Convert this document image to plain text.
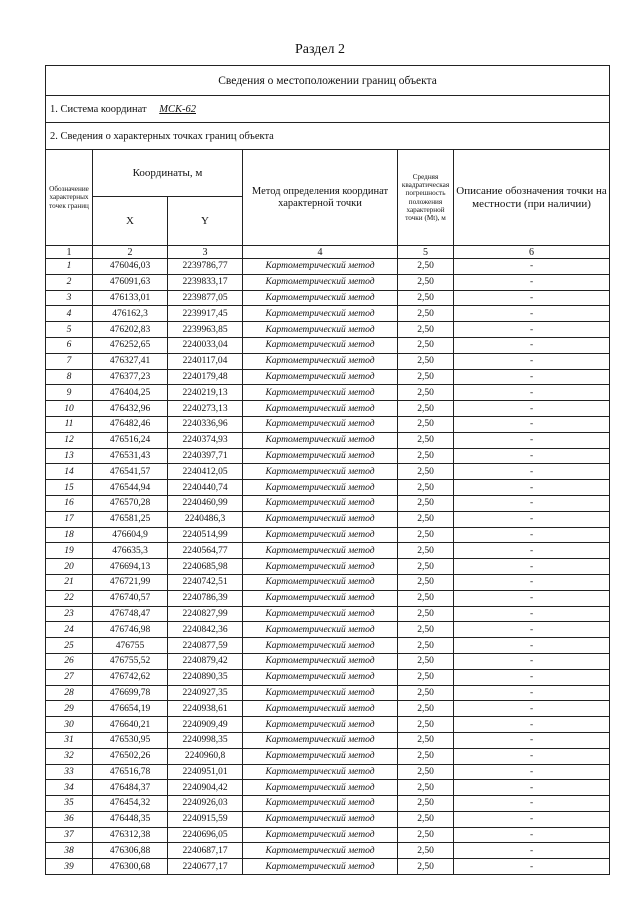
Раздел 2
Сведения о местоположении границ объекта					
1. Система координат МСК-62					
2. Сведения о характерных точках границ объекта					
Обозначение характерных точек границ	Координаты, м		Метод определения координат характерной точки	Средняя квадратическая погрешность положения характерной точки (Mt), м	Описание обозначения точки на местности (при наличии)
	X	Y			
1	2	3	4	5	6
1	476046,03	2239786,77	Картометрический метод	2,50	-
2	476091,63	2239833,17	Картометрический метод	2,50	-
3	476133,01	2239877,05	Картометрический метод	2,50	-
4	476162,3	2239917,45	Картометрический метод	2,50	-
5	476202,83	2239963,85	Картометрический метод	2,50	-
6	476252,65	2240033,04	Картометрический метод	2,50	-
7	476327,41	2240117,04	Картометрический метод	2,50	-
8	476377,23	2240179,48	Картометрический метод	2,50	-
9	476404,25	2240219,13	Картометрический метод	2,50	-
10	476432,96	2240273,13	Картометрический метод	2,50	-
11	476482,46	2240336,96	Картометрический метод	2,50	-
12	476516,24	2240374,93	Картометрический метод	2,50	-
13	476531,43	2240397,71	Картометрический метод	2,50	-
14	476541,57	2240412,05	Картометрический метод	2,50	-
15	476544,94	2240440,74	Картометрический метод	2,50	-
16	476570,28	2240460,99	Картометрический метод	2,50	-
17	476581,25	2240486,3	Картометрический метод	2,50	-
18	476604,9	2240514,99	Картометрический метод	2,50	-
19	476635,3	2240564,77	Картометрический метод	2,50	-
20	476694,13	2240685,98	Картометрический метод	2,50	-
21	476721,99	2240742,51	Картометрический метод	2,50	-
22	476740,57	2240786,39	Картометрический метод	2,50	-
23	476748,47	2240827,99	Картометрический метод	2,50	-
24	476746,98	2240842,36	Картометрический метод	2,50	-
25	476755	2240877,59	Картометрический метод	2,50	-
26	476755,52	2240879,42	Картометрический метод	2,50	-
27	476742,62	2240890,35	Картометрический метод	2,50	-
28	476699,78	2240927,35	Картометрический метод	2,50	-
29	476654,19	2240938,61	Картометрический метод	2,50	-
30	476640,21	2240909,49	Картометрический метод	2,50	-
31	476530,95	2240998,35	Картометрический метод	2,50	-
32	476502,26	2240960,8	Картометрический метод	2,50	-
33	476516,78	2240951,01	Картометрический метод	2,50	-
34	476484,37	2240904,42	Картометрический метод	2,50	-
35	476454,32	2240926,03	Картометрический метод	2,50	-
36	476448,35	2240915,59	Картометрический метод	2,50	-
37	476312,38	2240696,05	Картометрический метод	2,50	-
38	476306,88	2240687,17	Картометрический метод	2,50	-
39	476300,68	2240677,17	Картометрический метод	2,50	-
